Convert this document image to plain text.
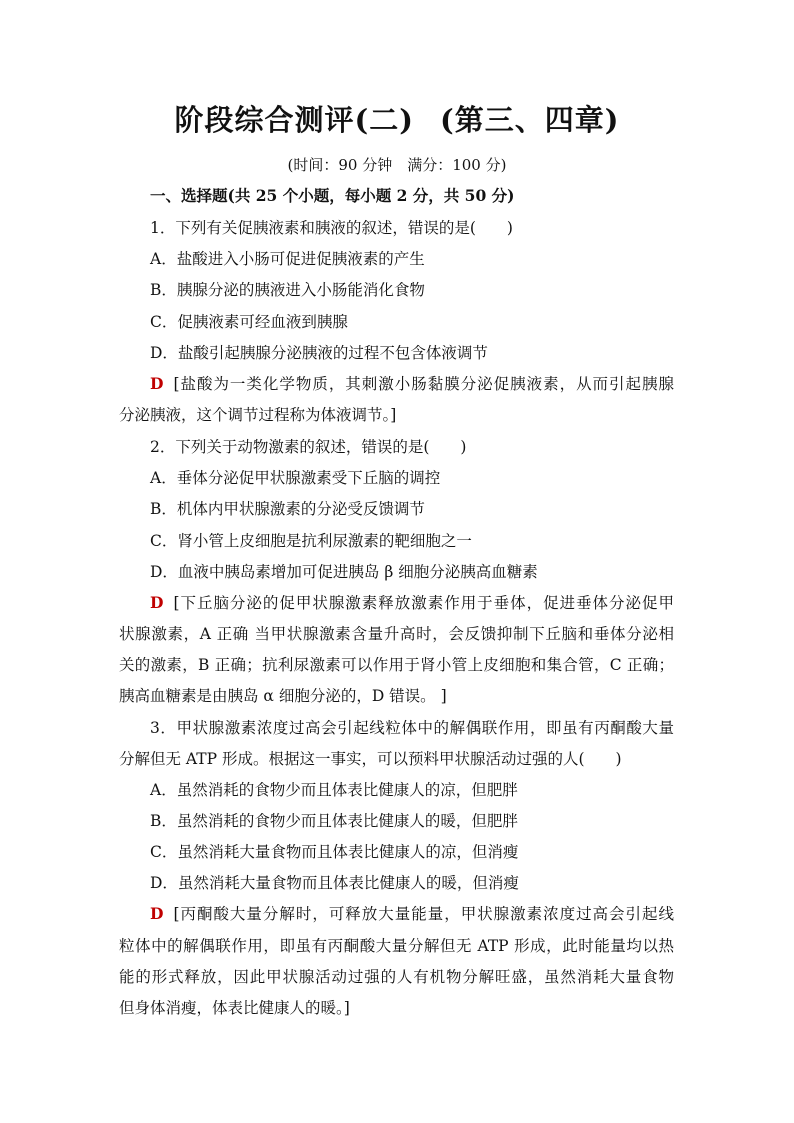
阶段综合测评(二) (第三、四章)
(时间：90 分钟　满分：100 分)
一、选择题(共 25 个小题，每小题 2 分，共 50 分)
1．下列有关促胰液素和胰液的叙述，错误的是(　　)
A．盐酸进入小肠可促进促胰液素的产生
B．胰腺分泌的胰液进入小肠能消化食物
C．促胰液素可经血液到胰腺
D．盐酸引起胰腺分泌胰液的过程不包含体液调节
D [盐酸为一类化学物质，其刺激小肠黏膜分泌促胰液素，从而引起胰腺
分泌胰液，这个调节过程称为体液调节。]
2．下列关于动物激素的叙述，错误的是(　　)
A．垂体分泌促甲状腺激素受下丘脑的调控
B．机体内甲状腺激素的分泌受反馈调节
C．肾小管上皮细胞是抗利尿激素的靶细胞之一
D．血液中胰岛素增加可促进胰岛 β 细胞分泌胰高血糖素
D [下丘脑分泌的促甲状腺激素释放激素作用于垂体，促进垂体分泌促甲
状腺激素，A 正确 当甲状腺激素含量升高时，会反馈抑制下丘脑和垂体分泌相
关的激素，B 正确；抗利尿激素可以作用于肾小管上皮细胞和集合管，C 正确；
胰高血糖素是由胰岛 α 细胞分泌的，D 错误。 ]
3．甲状腺激素浓度过高会引起线粒体中的解偶联作用，即虽有丙酮酸大量
分解但无 ATP 形成。根据这一事实，可以预料甲状腺活动过强的人(　　)
A．虽然消耗的食物少而且体表比健康人的凉，但肥胖
B．虽然消耗的食物少而且体表比健康人的暖，但肥胖
C．虽然消耗大量食物而且体表比健康人的凉，但消瘦
D．虽然消耗大量食物而且体表比健康人的暖，但消瘦
D [丙酮酸大量分解时，可释放大量能量，甲状腺激素浓度过高会引起线
粒体中的解偶联作用，即虽有丙酮酸大量分解但无 ATP 形成，此时能量均以热
能的形式释放，因此甲状腺活动过强的人有机物分解旺盛，虽然消耗大量食物
但身体消瘦，体表比健康人的暖。]
